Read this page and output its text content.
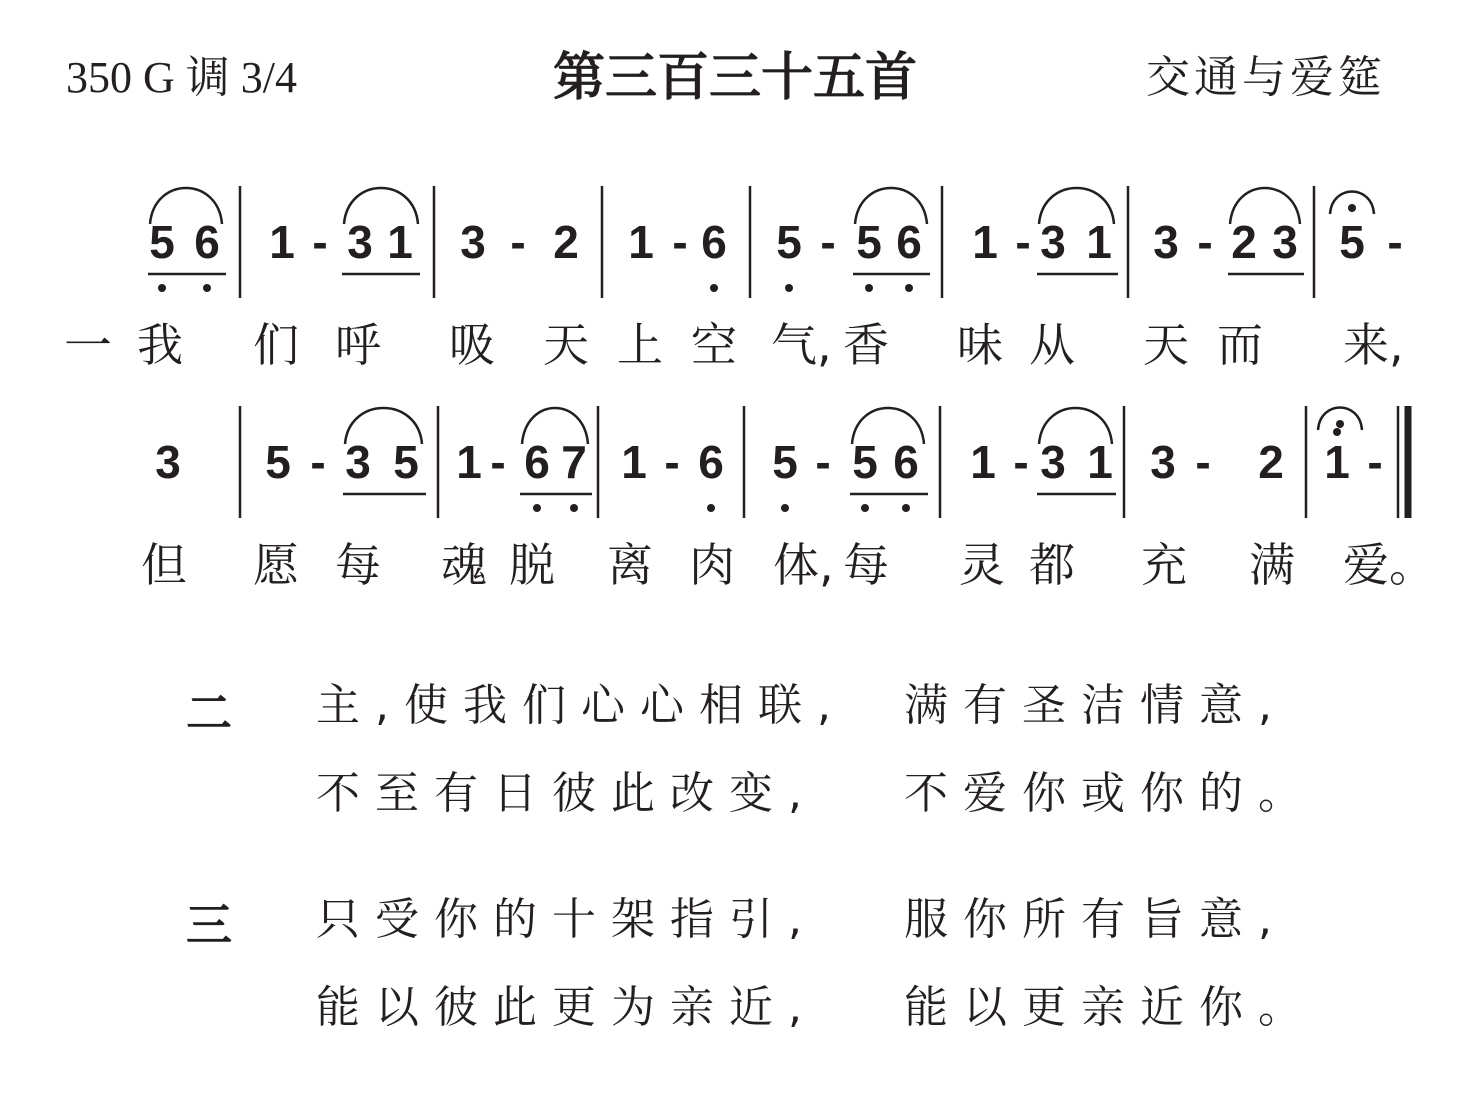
350 G 调 3/4	第三百三十五首	交通与爱筵
5 6 1 - 3 1 3 - 2 1 - 6 5 - 5 6 1 - 3 1 3 - 2 3 5 -
3 5 - 3 5 1 - 6 7 1 - 6 5 - 5 6 1 - 3 1 3 - 2 1 -
一 我 们 呼 吸 天 上 空 气, 香 味 从 天 而 来,
但 愿 每 魂 脱 离 肉 体, 每 灵 都 充 满 爱。
二 主,使我们心心相联, 满有圣洁情意,
不至有日彼此改变, 不爱你或你的。
三 只受你的十架指引, 服你所有旨意,
能以彼此更为亲近, 能以更亲近你。
